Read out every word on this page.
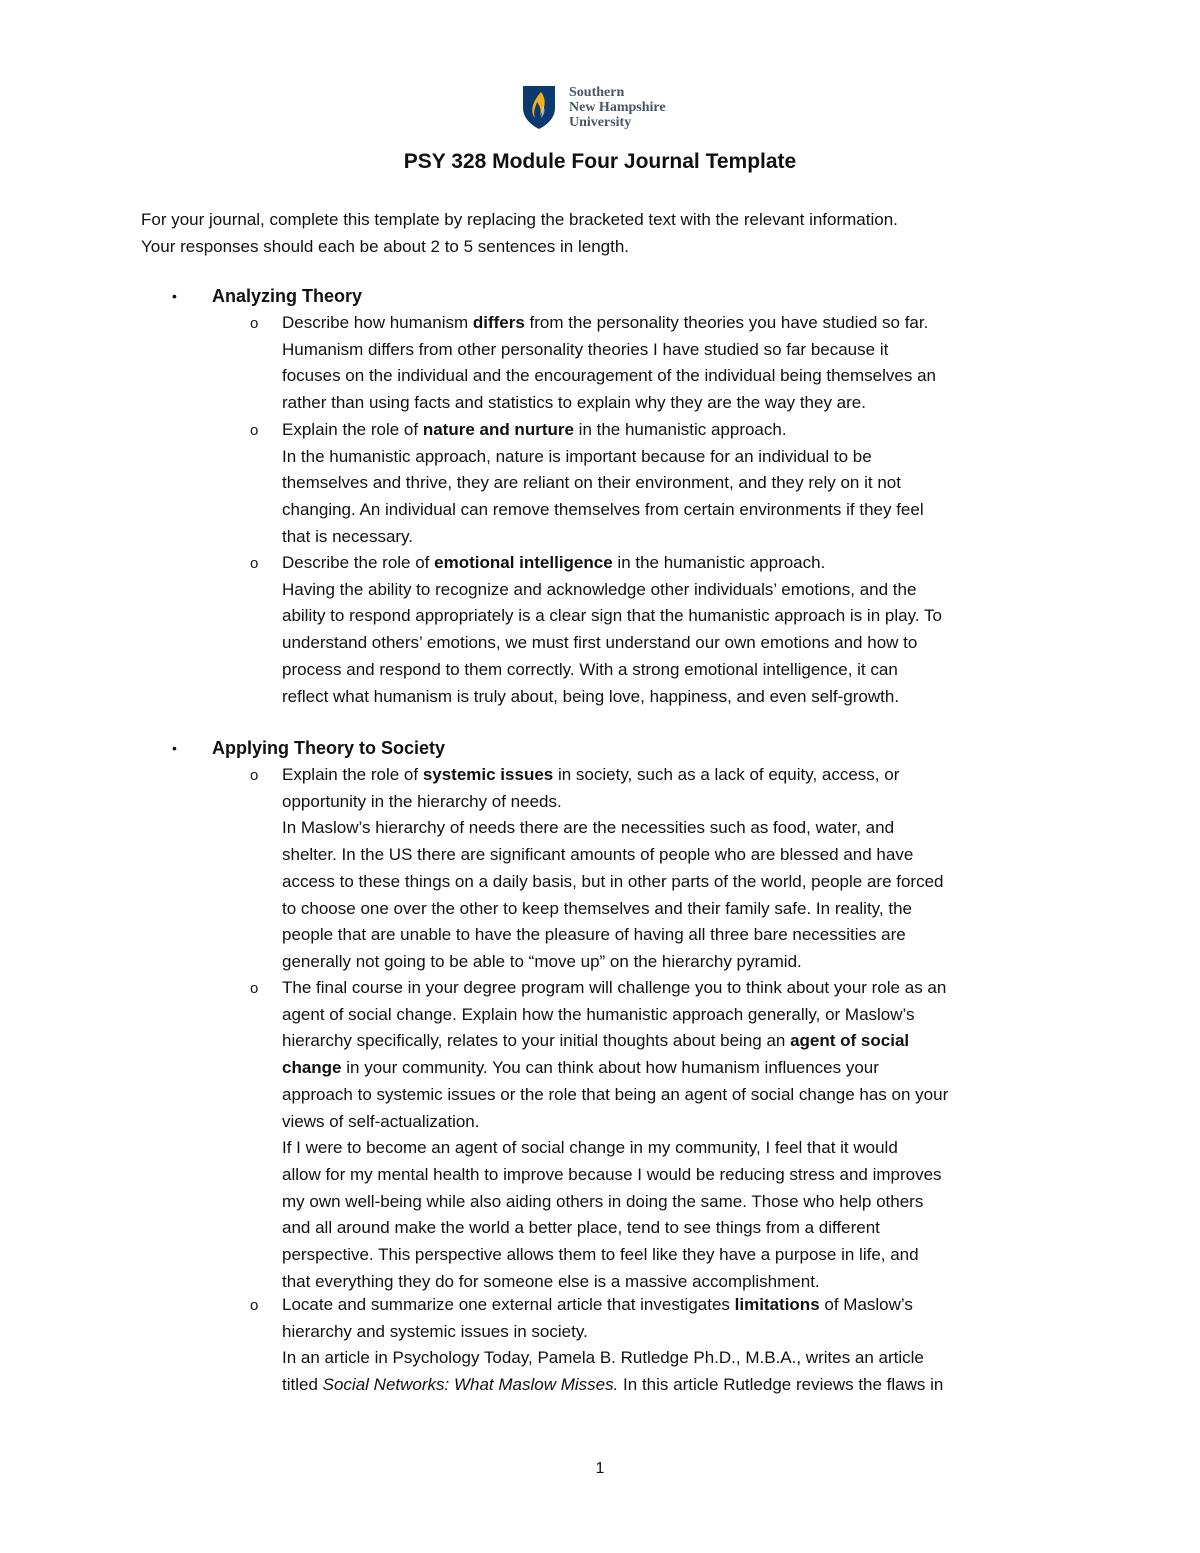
Southern
New Hampshire
University
PSY 328 Module Four Journal Template
For your journal, complete this template by replacing the bracketed text with the relevant information.
Your responses should each be about 2 to 5 sentences in length.
• Analyzing Theory
o Describe how humanism differs from the personality theories you have studied so far.
Humanism differs from other personality theories I have studied so far because it
focuses on the individual and the encouragement of the individual being themselves an
rather than using facts and statistics to explain why they are the way they are.
o Explain the role of nature and nurture in the humanistic approach.
In the humanistic approach, nature is important because for an individual to be
themselves and thrive, they are reliant on their environment, and they rely on it not
changing. An individual can remove themselves from certain environments if they feel
that is necessary.
o Describe the role of emotional intelligence in the humanistic approach.
Having the ability to recognize and acknowledge other individuals’ emotions, and the
ability to respond appropriately is a clear sign that the humanistic approach is in play. To
understand others’ emotions, we must first understand our own emotions and how to
process and respond to them correctly. With a strong emotional intelligence, it can
reflect what humanism is truly about, being love, happiness, and even self-growth.
• Applying Theory to Society
o Explain the role of systemic issues in society, such as a lack of equity, access, or
opportunity in the hierarchy of needs.
In Maslow’s hierarchy of needs there are the necessities such as food, water, and
shelter. In the US there are significant amounts of people who are blessed and have
access to these things on a daily basis, but in other parts of the world, people are forced
to choose one over the other to keep themselves and their family safe. In reality, the
people that are unable to have the pleasure of having all three bare necessities are
generally not going to be able to “move up” on the hierarchy pyramid.
o The final course in your degree program will challenge you to think about your role as an
agent of social change. Explain how the humanistic approach generally, or Maslow’s
hierarchy specifically, relates to your initial thoughts about being an agent of social
change in your community. You can think about how humanism influences your
approach to systemic issues or the role that being an agent of social change has on your
views of self-actualization.
If I were to become an agent of social change in my community, I feel that it would
allow for my mental health to improve because I would be reducing stress and improves
my own well-being while also aiding others in doing the same. Those who help others
and all around make the world a better place, tend to see things from a different
perspective. This perspective allows them to feel like they have a purpose in life, and
that everything they do for someone else is a massive accomplishment.
o Locate and summarize one external article that investigates limitations of Maslow’s
hierarchy and systemic issues in society.
In an article in Psychology Today, Pamela B. Rutledge Ph.D., M.B.A., writes an article
titled Social Networks: What Maslow Misses. In this article Rutledge reviews the flaws in
1
